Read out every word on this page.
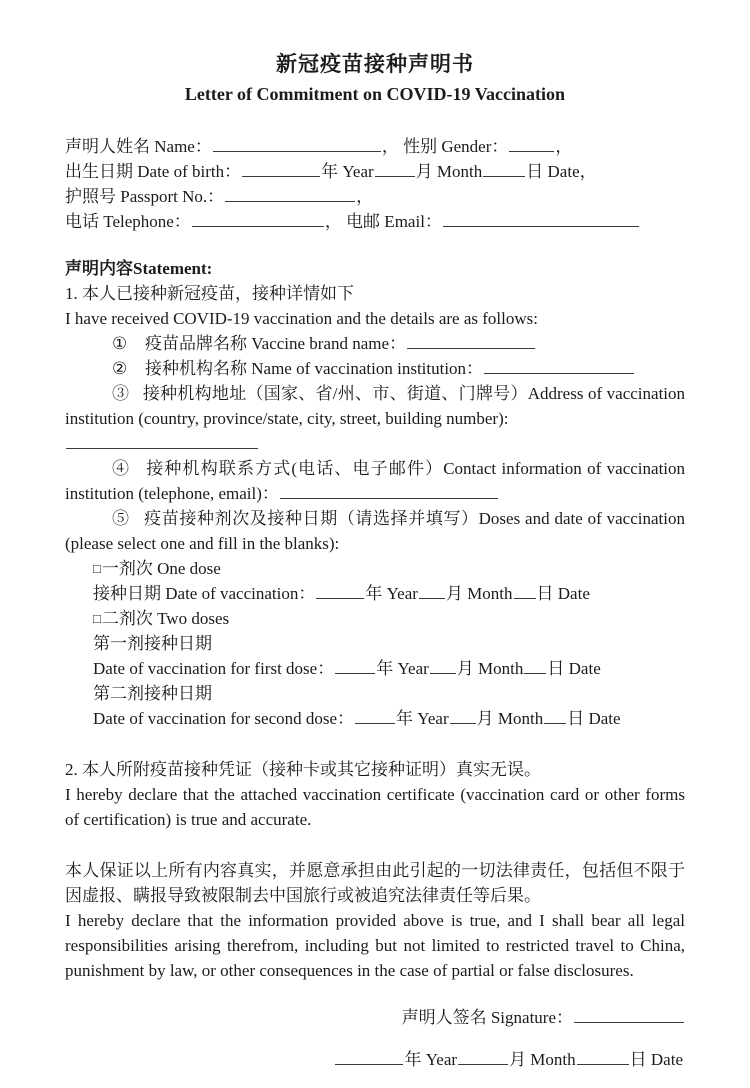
新冠疫苗接种声明书
Letter of Commitment on COVID-19 Vaccination

声明人姓名 Name：	， 性别 Gender：	，

出生日期 Date of birth：	年 Year 月 Month	日 Date，

护照号 Passport No.：	，

电话 Telephone：	， 电邮 Email：

声明内容Statement:

1. 本人已接种新冠疫苗，接种详情如下

I have received COVID-19 vaccination and the details are as follows:

① 疫苗品牌名称 Vaccine brand name：

② 接种机构名称 Name of vaccination institution：

③ 接种机构地址（国家、省/州、市、街道、门牌号）Address of vaccination institution (country, province/state, city, street, building number):

④ 接种机构联系方式(电话、电子邮件）Contact information of vaccination institution (telephone, email)：

⑤ 疫苗接种剂次及接种日期（请选择并填写）Doses and date of vaccination (please select one and fill in the blanks):

□一剂次 One dose

接种日期 Date of vaccination：	年 Year 月 Month 日 Date

□二剂次 Two doses

第一剂接种日期

Date of vaccination for first dose： 年 Year 月 Month 日 Date

第二剂接种日期

Date of vaccination for second dose： 年 Year 月 Month 日 Date

2. 本人所附疫苗接种凭证（接种卡或其它接种证明）真实无误。

I hereby declare that the attached vaccination certificate (vaccination card or other forms of certification) is true and accurate.

本人保证以上所有内容真实，并愿意承担由此引起的一切法律责任，包括但不限于因虚报、瞒报导致被限制去中国旅行或被追究法律责任等后果。

I hereby declare that the information provided above is true, and I shall bear all legal responsibilities arising therefrom, including but not limited to restricted travel to China, punishment by law, or other consequences in the case of partial or false disclosures.

声明人签名 Signature：

年 Year	月 Month	日 Date
